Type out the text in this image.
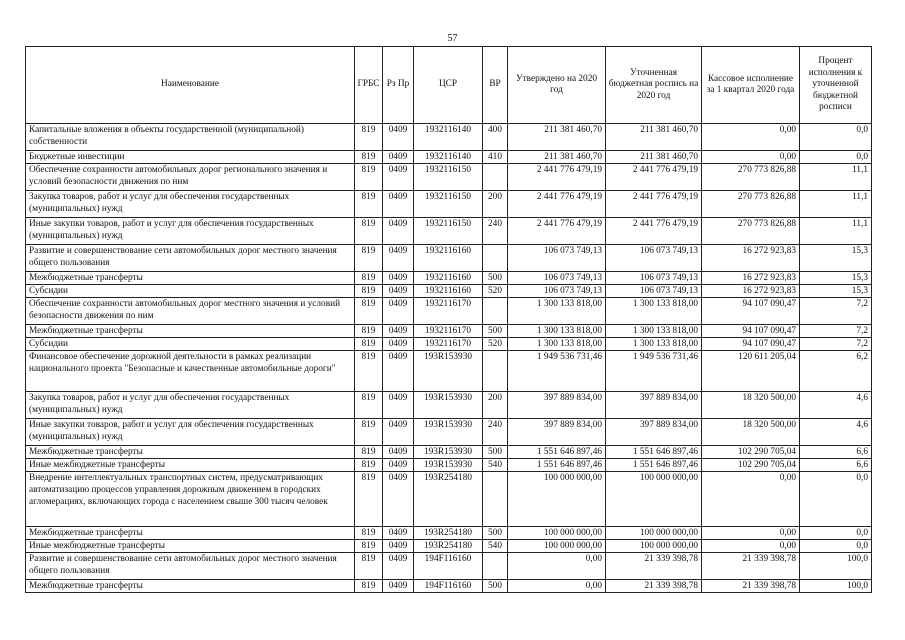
57
Наименование	ГРБС	Рз Пр	ЦСР	ВР	Утверждено на 2020 год	Уточненная бюджетная роспись на 2020 год	Кассовое исполнение за 1 квартал 2020 года	Процент исполнения к уточненной бюджетной росписи
Капитальные вложения в объекты государственной (муниципальной) собственности	819	0409	1932116140	400	211 381 460,70	211 381 460,70	0,00	0,0
Бюджетные инвестиции	819	0409	1932116140	410	211 381 460,70	211 381 460,70	0,00	0,0
Обеспечение сохранности автомобильных дорог регионального значения и условий безопасности движения по ним	819	0409	1932116150		2 441 776 479,19	2 441 776 479,19	270 773 826,88	11,1
Закупка товаров, работ и услуг для обеспечения государственных (муниципальных) нужд	819	0409	1932116150	200	2 441 776 479,19	2 441 776 479,19	270 773 826,88	11,1
Иные закупки товаров, работ и услуг для обеспечения государственных (муниципальных) нужд	819	0409	1932116150	240	2 441 776 479,19	2 441 776 479,19	270 773 826,88	11,1
Развитие и совершенствование сети автомобильных дорог местного значения общего пользования	819	0409	1932116160		106 073 749,13	106 073 749,13	16 272 923,83	15,3
Межбюджетные трансферты	819	0409	1932116160	500	106 073 749,13	106 073 749,13	16 272 923,83	15,3
Субсидии	819	0409	1932116160	520	106 073 749,13	106 073 749,13	16 272 923,83	15,3
Обеспечение сохранности автомобильных дорог местного значения и условий безопасности движения по ним	819	0409	1932116170		1 300 133 818,00	1 300 133 818,00	94 107 090,47	7,2
Межбюджетные трансферты	819	0409	1932116170	500	1 300 133 818,00	1 300 133 818,00	94 107 090,47	7,2
Субсидии	819	0409	1932116170	520	1 300 133 818,00	1 300 133 818,00	94 107 090,47	7,2
Финансовое обеспечение дорожной деятельности в рамках реализации национального проекта "Безопасные и качественные автомобильные дороги"	819	0409	193R153930		1 949 536 731,46	1 949 536 731,46	120 611 205,04	6,2
Закупка товаров, работ и услуг для обеспечения государственных (муниципальных) нужд	819	0409	193R153930	200	397 889 834,00	397 889 834,00	18 320 500,00	4,6
Иные закупки товаров, работ и услуг для обеспечения государственных (муниципальных) нужд	819	0409	193R153930	240	397 889 834,00	397 889 834,00	18 320 500,00	4,6
Межбюджетные трансферты	819	0409	193R153930	500	1 551 646 897,46	1 551 646 897,46	102 290 705,04	6,6
Иные межбюджетные трансферты	819	0409	193R153930	540	1 551 646 897,46	1 551 646 897,46	102 290 705,04	6,6
Внедрение интеллектуальных транспортных систем, предусматривающих автоматизацию процессов управления дорожным движением в городских агломерациях, включающих города с населением свыше 300 тысяч человек	819	0409	193R254180		100 000 000,00	100 000 000,00	0,00	0,0
Межбюджетные трансферты	819	0409	193R254180	500	100 000 000,00	100 000 000,00	0,00	0,0
Иные межбюджетные трансферты	819	0409	193R254180	540	100 000 000,00	100 000 000,00	0,00	0,0
Развитие и совершенствование сети автомобильных дорог местного значения общего пользования	819	0409	194F116160		0,00	21 339 398,78	21 339 398,78	100,0
Межбюджетные трансферты	819	0409	194F116160	500	0,00	21 339 398,78	21 339 398,78	100,0
